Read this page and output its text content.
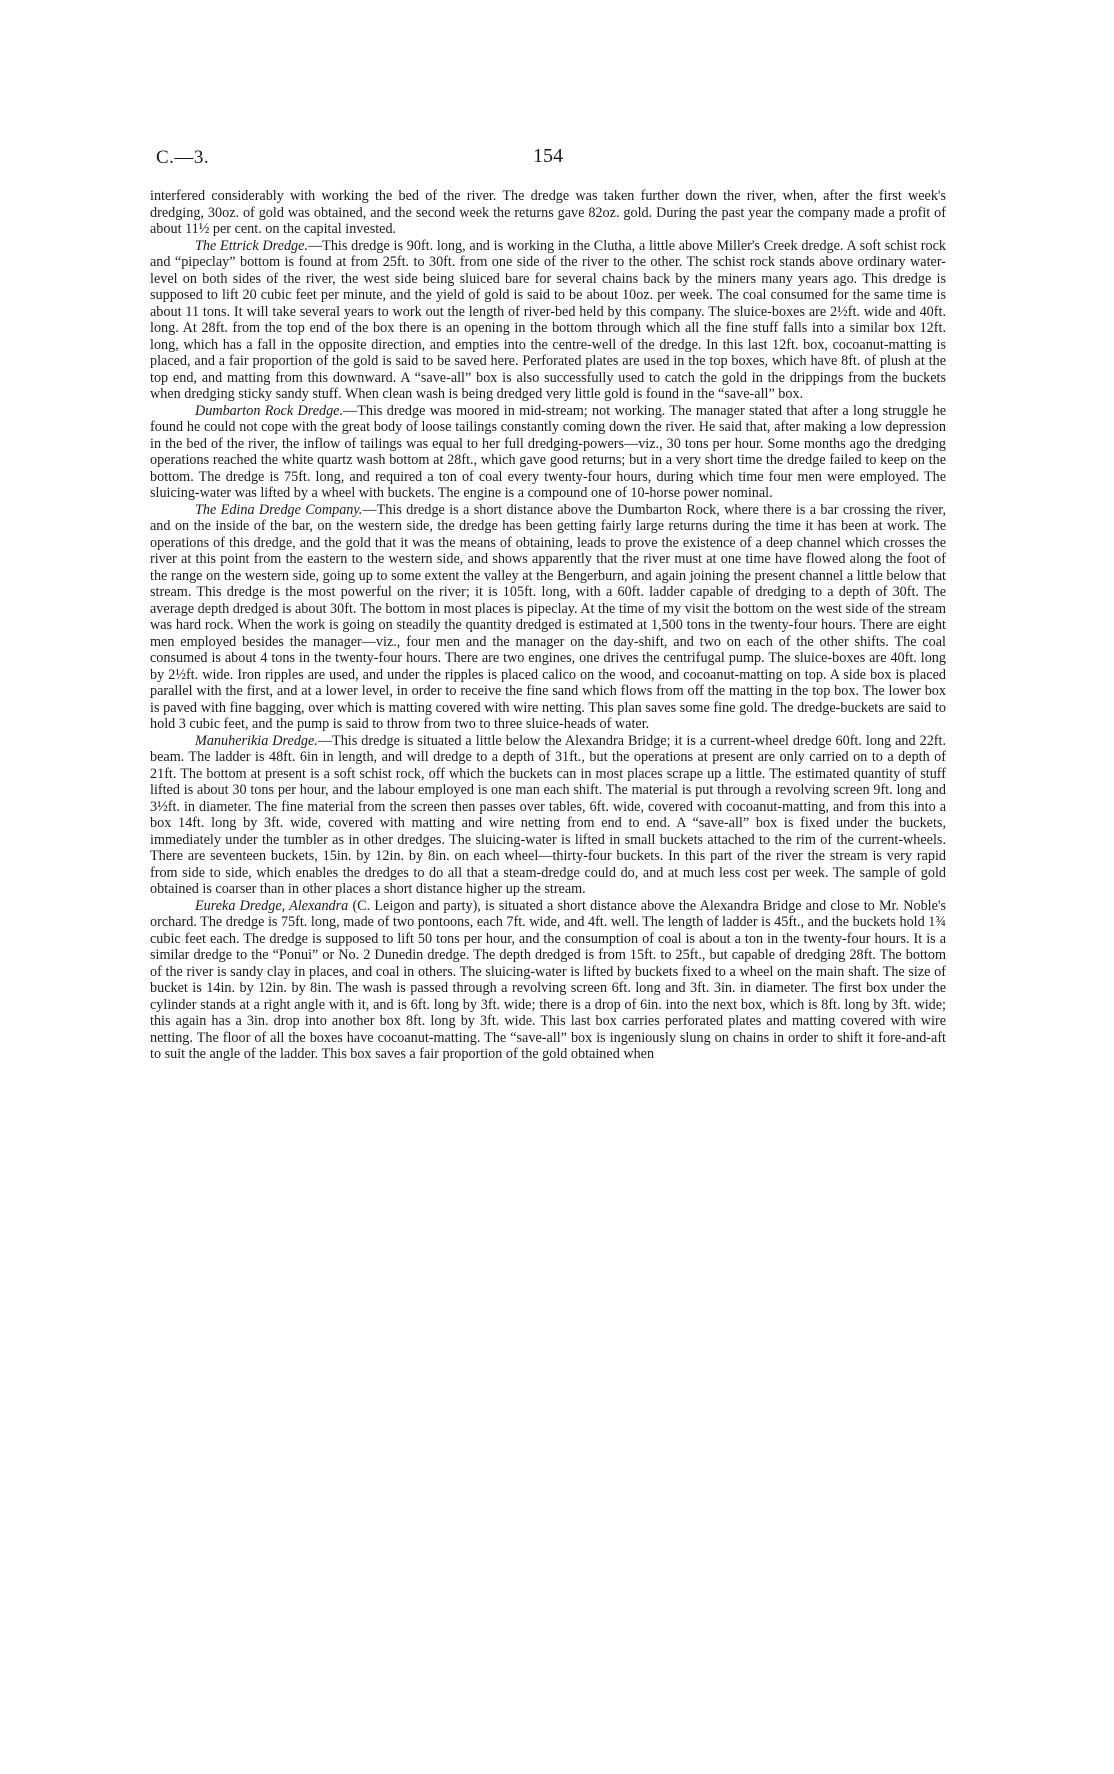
C.—3.	154

interfered considerably with working the bed of the river. The dredge was taken further down the river, when, after the first week's dredging, 30oz. of gold was obtained, and the second week the returns gave 82oz. gold. During the past year the company made a profit of about 11½ per cent. on the capital invested.

The Ettrick Dredge.—This dredge is 90ft. long, and is working in the Clutha, a little above Miller's Creek dredge. A soft schist rock and “pipeclay” bottom is found at from 25ft. to 30ft. from one side of the river to the other. The schist rock stands above ordinary water-level on both sides of the river, the west side being sluiced bare for several chains back by the miners many years ago. This dredge is supposed to lift 20 cubic feet per minute, and the yield of gold is said to be about 10oz. per week. The coal consumed for the same time is about 11 tons. It will take several years to work out the length of river-bed held by this company. The sluice-boxes are 2½ft. wide and 40ft. long. At 28ft. from the top end of the box there is an opening in the bottom through which all the fine stuff falls into a similar box 12ft. long, which has a fall in the opposite direction, and empties into the centre-well of the dredge. In this last 12ft. box, cocoanut-matting is placed, and a fair proportion of the gold is said to be saved here. Perforated plates are used in the top boxes, which have 8ft. of plush at the top end, and matting from this downward. A “save-all” box is also successfully used to catch the gold in the drippings from the buckets when dredging sticky sandy stuff. When clean wash is being dredged very little gold is found in the “save-all” box.

Dumbarton Rock Dredge.—This dredge was moored in mid-stream; not working. The manager stated that after a long struggle he found he could not cope with the great body of loose tailings constantly coming down the river. He said that, after making a low depression in the bed of the river, the inflow of tailings was equal to her full dredging-powers—viz., 30 tons per hour. Some months ago the dredging operations reached the white quartz wash bottom at 28ft., which gave good returns; but in a very short time the dredge failed to keep on the bottom. The dredge is 75ft. long, and required a ton of coal every twenty-four hours, during which time four men were employed. The sluicing-water was lifted by a wheel with buckets. The engine is a compound one of 10-horse power nominal.

The Edina Dredge Company.—This dredge is a short distance above the Dumbarton Rock, where there is a bar crossing the river, and on the inside of the bar, on the western side, the dredge has been getting fairly large returns during the time it has been at work. The operations of this dredge, and the gold that it was the means of obtaining, leads to prove the existence of a deep channel which crosses the river at this point from the eastern to the western side, and shows apparently that the river must at one time have flowed along the foot of the range on the western side, going up to some extent the valley at the Bengerburn, and again joining the present channel a little below that stream. This dredge is the most powerful on the river; it is 105ft. long, with a 60ft. ladder capable of dredging to a depth of 30ft. The average depth dredged is about 30ft. The bottom in most places is pipeclay. At the time of my visit the bottom on the west side of the stream was hard rock. When the work is going on steadily the quantity dredged is estimated at 1,500 tons in the twenty-four hours. There are eight men employed besides the manager—viz., four men and the manager on the day-shift, and two on each of the other shifts. The coal consumed is about 4 tons in the twenty-four hours. There are two engines, one drives the centrifugal pump. The sluice-boxes are 40ft. long by 2½ft. wide. Iron ripples are used, and under the ripples is placed calico on the wood, and cocoanut-matting on top. A side box is placed parallel with the first, and at a lower level, in order to receive the fine sand which flows from off the matting in the top box. The lower box is paved with fine bagging, over which is matting covered with wire netting. This plan saves some fine gold. The dredge-buckets are said to hold 3 cubic feet, and the pump is said to throw from two to three sluice-heads of water.

Manuherikia Dredge.—This dredge is situated a little below the Alexandra Bridge; it is a current-wheel dredge 60ft. long and 22ft. beam. The ladder is 48ft. 6in in length, and will dredge to a depth of 31ft., but the operations at present are only carried on to a depth of 21ft. The bottom at present is a soft schist rock, off which the buckets can in most places scrape up a little. The estimated quantity of stuff lifted is about 30 tons per hour, and the labour employed is one man each shift. The material is put through a revolving screen 9ft. long and 3½ft. in diameter. The fine material from the screen then passes over tables, 6ft. wide, covered with cocoanut-matting, and from this into a box 14ft. long by 3ft. wide, covered with matting and wire netting from end to end. A “save-all” box is fixed under the buckets, immediately under the tumbler as in other dredges. The sluicing-water is lifted in small buckets attached to the rim of the current-wheels. There are seventeen buckets, 15in. by 12in. by 8in. on each wheel—thirty-four buckets. In this part of the river the stream is very rapid from side to side, which enables the dredges to do all that a steam-dredge could do, and at much less cost per week. The sample of gold obtained is coarser than in other places a short distance higher up the stream.

Eureka Dredge, Alexandra (C. Leigon and party), is situated a short distance above the Alexandra Bridge and close to Mr. Noble's orchard. The dredge is 75ft. long, made of two pontoons, each 7ft. wide, and 4ft. well. The length of ladder is 45ft., and the buckets hold 1¾ cubic feet each. The dredge is supposed to lift 50 tons per hour, and the consumption of coal is about a ton in the twenty-four hours. It is a similar dredge to the “Ponui” or No. 2 Dunedin dredge. The depth dredged is from 15ft. to 25ft., but capable of dredging 28ft. The bottom of the river is sandy clay in places, and coal in others. The sluicing-water is lifted by buckets fixed to a wheel on the main shaft. The size of bucket is 14in. by 12in. by 8in. The wash is passed through a revolving screen 6ft. long and 3ft. 3in. in diameter. The first box under the cylinder stands at a right angle with it, and is 6ft. long by 3ft. wide; there is a drop of 6in. into the next box, which is 8ft. long by 3ft. wide; this again has a 3in. drop into another box 8ft. long by 3ft. wide. This last box carries perforated plates and matting covered with wire netting. The floor of all the boxes have cocoanut-matting. The “save-all” box is ingeniously slung on chains in order to shift it fore-and-aft to suit the angle of the ladder. This box saves a fair proportion of the gold obtained when
